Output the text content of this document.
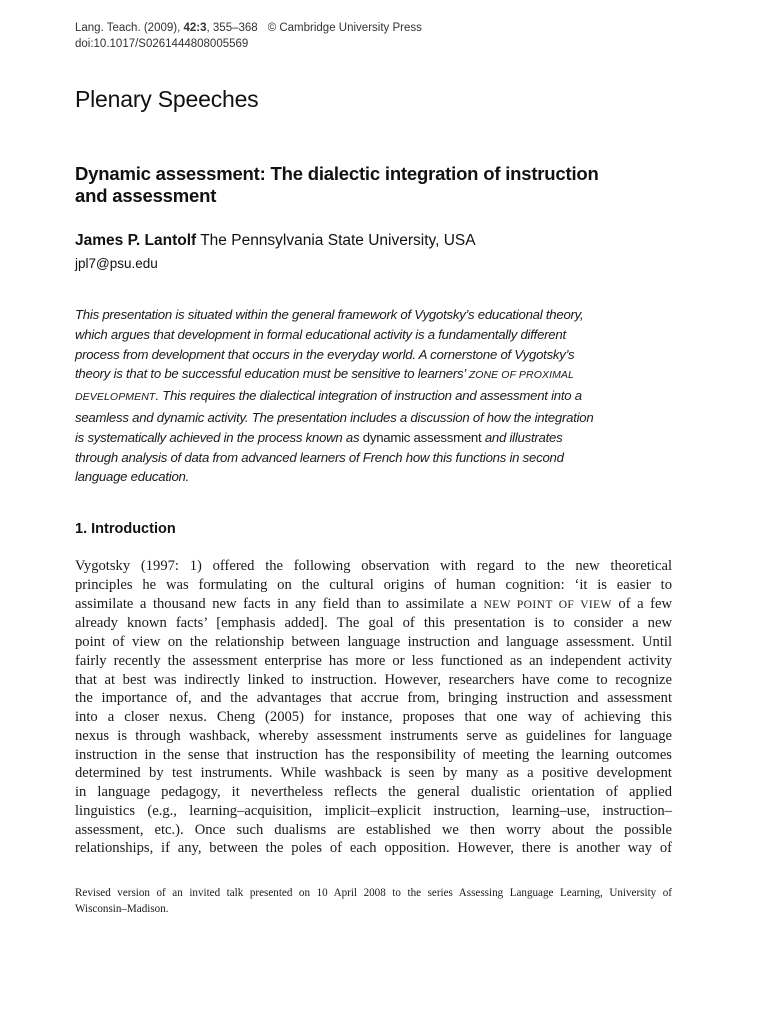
Lang. Teach. (2009), 42:3, 355–368 © Cambridge University Press
doi:10.1017/S0261444808005569
Plenary Speeches
Dynamic assessment: The dialectic integration of instruction
and assessment
James P. Lantolf The Pennsylvania State University, USA
jpl7@psu.edu
This presentation is situated within the general framework of Vygotsky’s educational theory,
which argues that development in formal educational activity is a fundamentally different
process from development that occurs in the everyday world. A cornerstone of Vygotsky’s
theory is that to be successful education must be sensitive to learners’ ZONE OF PROXIMAL
DEVELOPMENT. This requires the dialectical integration of instruction and assessment into a
seamless and dynamic activity. The presentation includes a discussion of how the integration
is systematically achieved in the process known as dynamic assessment and illustrates
through analysis of data from advanced learners of French how this functions in second
language education.
1. Introduction
Vygotsky (1997: 1) offered the following observation with regard to the new theoretical
principles he was formulating on the cultural origins of human cognition: ‘it is easier to
assimilate a thousand new facts in any field than to assimilate a NEW POINT OF VIEW of a few
already known facts’ [emphasis added]. The goal of this presentation is to consider a new
point of view on the relationship between language instruction and language assessment. Until
fairly recently the assessment enterprise has more or less functioned as an independent activity
that at best was indirectly linked to instruction. However, researchers have come to recognize
the importance of, and the advantages that accrue from, bringing instruction and assessment
into a closer nexus. Cheng (2005) for instance, proposes that one way of achieving this
nexus is through washback, whereby assessment instruments serve as guidelines for language
instruction in the sense that instruction has the responsibility of meeting the learning outcomes
determined by test instruments. While washback is seen by many as a positive development
in language pedagogy, it nevertheless reflects the general dualistic orientation of applied
linguistics (e.g., learning–acquisition, implicit–explicit instruction, learning–use, instruction–
assessment, etc.). Once such dualisms are established we then worry about the possible
relationships, if any, between the poles of each opposition. However, there is another way of
Revised version of an invited talk presented on 10 April 2008 to the series Assessing Language Learning, University of
Wisconsin–Madison.
